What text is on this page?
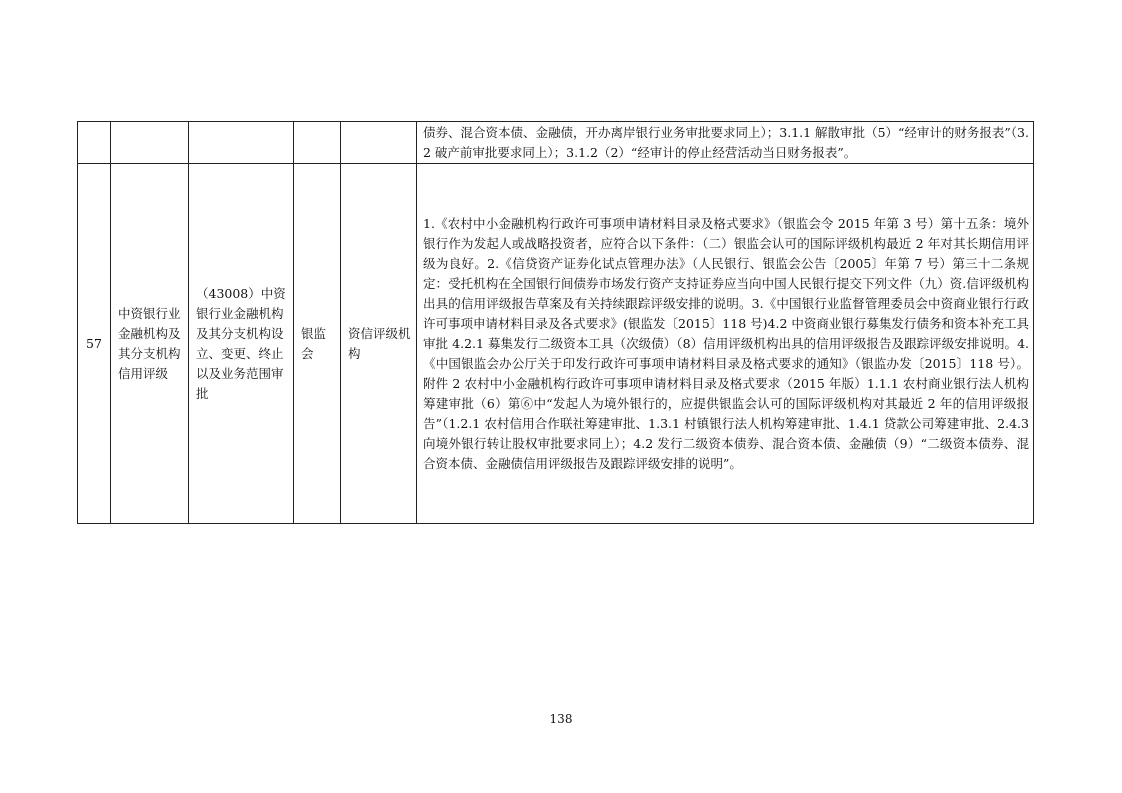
					债券、混合资本债、金融债，开办离岸银行业务审批要求同上）；3.1.1 解散审批（5）“经审计的财务报表”（3.2 破产前审批要求同上）；3.1.2（2）“经审计的停止经营活动当日财务报表”。

57	中资银行业金融机构及其分支机构信用评级	（43008）中资银行业金融机构及其分支机构设立、变更、终止以及业务范围审批	银监会	资信评级机构	1.《农村中小金融机构行政许可事项申请材料目录及格式要求》（银监会令 2015 年第 3 号）第十五条：境外银行作为发起人或战略投资者，应符合以下条件：（二）银监会认可的国际评级机构最近 2 年对其长期信用评级为良好。2.《信贷资产证券化试点管理办法》（人民银行、银监会公告〔2005〕年第 7 号）第三十二条规定：受托机构在全国银行间债券市场发行资产支持证券应当向中国人民银行提交下列文件（九）资.信评级机构出具的信用评级报告草案及有关持续跟踪评级安排的说明。3.《中国银行业监督管理委员会中资商业银行行政许可事项申请材料目录及各式要求》(银监发〔2015〕118 号)4.2 中资商业银行募集发行债务和资本补充工具审批 4.2.1 募集发行二级资本工具（次级债）（8）信用评级机构出具的信用评级报告及跟踪评级安排说明。4.《中国银监会办公厅关于印发行政许可事项申请材料目录及格式要求的通知》（银监办发〔2015〕118 号）。附件 2 农村中小金融机构行政许可事项申请材料目录及格式要求（2015 年版）1.1.1 农村商业银行法人机构筹建审批（6）第⑥中“发起人为境外银行的，应提供银监会认可的国际评级机构对其最近 2 年的信用评级报告”（1.2.1 农村信用合作联社筹建审批、1.3.1 村镇银行法人机构筹建审批、1.4.1 贷款公司筹建审批、2.4.3 向境外银行转让股权审批要求同上）；4.2 发行二级资本债券、混合资本债、金融债（9）“二级资本债券、混合资本债、金融债信用评级报告及跟踪评级安排的说明”。
138
